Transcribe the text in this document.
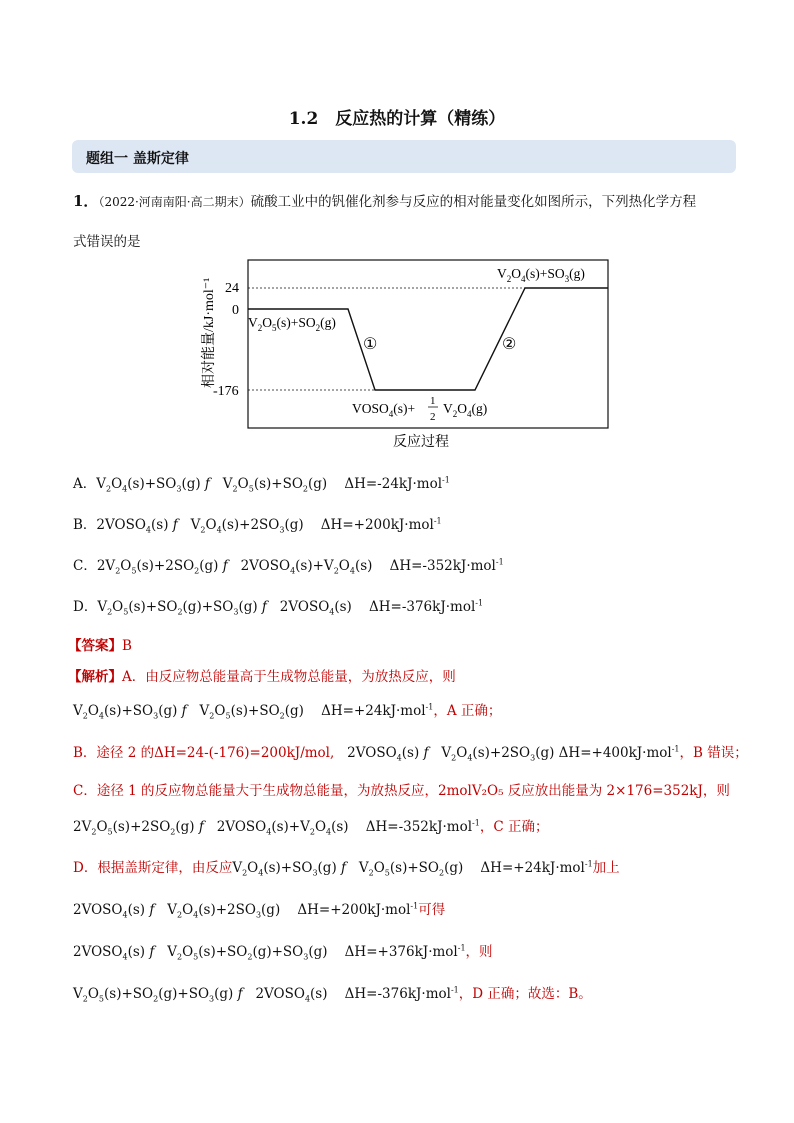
1.2　反应热的计算（精练）
题组一 盖斯定律
1．（2022·河南南阳·高二期末）硫酸工业中的钒催化剂参与反应的相对能量变化如图所示，下列热化学方程
式错误的是
24
0
-176
相对能量/kJ·mol⁻¹
反应过程
①	②
$V_2O_5(s)+SO_2(g)$
$V_2O_4(s)+SO_3(g)$
$VOSO_4(s)+ 1$
2
$V_2O_4(g)$
A．$V_2O_4(s)+SO_3(g)$ f   $V_2O_5(s)+SO_2(g)$    ΔH=-24kJ·mol$^{-1}$
B．$2VOSO_4(s)$ f   $V_2O_4(s)+2SO_3(g)$    ΔH=+200kJ·mol$^{-1}$
C．$2V_2O_5(s)+2SO_2(g)$ f   $2VOSO_4(s)+V_2O_4(s)$    ΔH=-352kJ·mol$^{-1}$
D．$V_2O_5(s)+SO_2(g)+SO_3(g)$ f   $2VOSO_4(s)$    ΔH=-376kJ·mol$^{-1}$
【答案】B
【解析】A．由反应物总能量高于生成物总能量，为放热反应，则
$V_2O_4(s)+SO_3(g)$ f   $V_2O_5(s)+SO_2(g)$    ΔH=+24kJ·mol$^{-1}$，A 正确；
B．途径 2 的ΔH=24-(-176)=200kJ/mol, $2VOSO_4(s)$ f   $V_2O_4(s)+2SO_3(g)$ ΔH=+400kJ·mol$^{-1}$，B 错误；
C．途径 1 的反应物总能量大于生成物总能量，为放热反应，2molV₂O₅ 反应放出能量为 2×176=352kJ，则
$2V_2O_5(s)+2SO_2(g)$ f   $2VOSO_4(s)+V_2O_4(s)$    ΔH=-352kJ·mol$^{-1}$，C 正确；
D．根据盖斯定律，由反应$V_2O_4(s)+SO_3(g)$ f   $V_2O_5(s)+SO_2(g)$    ΔH=+24kJ·mol$^{-1}$加上
$2VOSO_4(s)$ f   $V_2O_4(s)+2SO_3(g)$    ΔH=+200kJ·mol$^{-1}$可得
$2VOSO_4(s)$ f   $V_2O_5(s)+SO_2(g)+SO_3(g)$    ΔH=+376kJ·mol$^{-1}$，则
$V_2O_5(s)+SO_2(g)+SO_3(g)$ f   $2VOSO_4(s)$    ΔH=-376kJ·mol$^{-1}$，D 正确；故选：B。
